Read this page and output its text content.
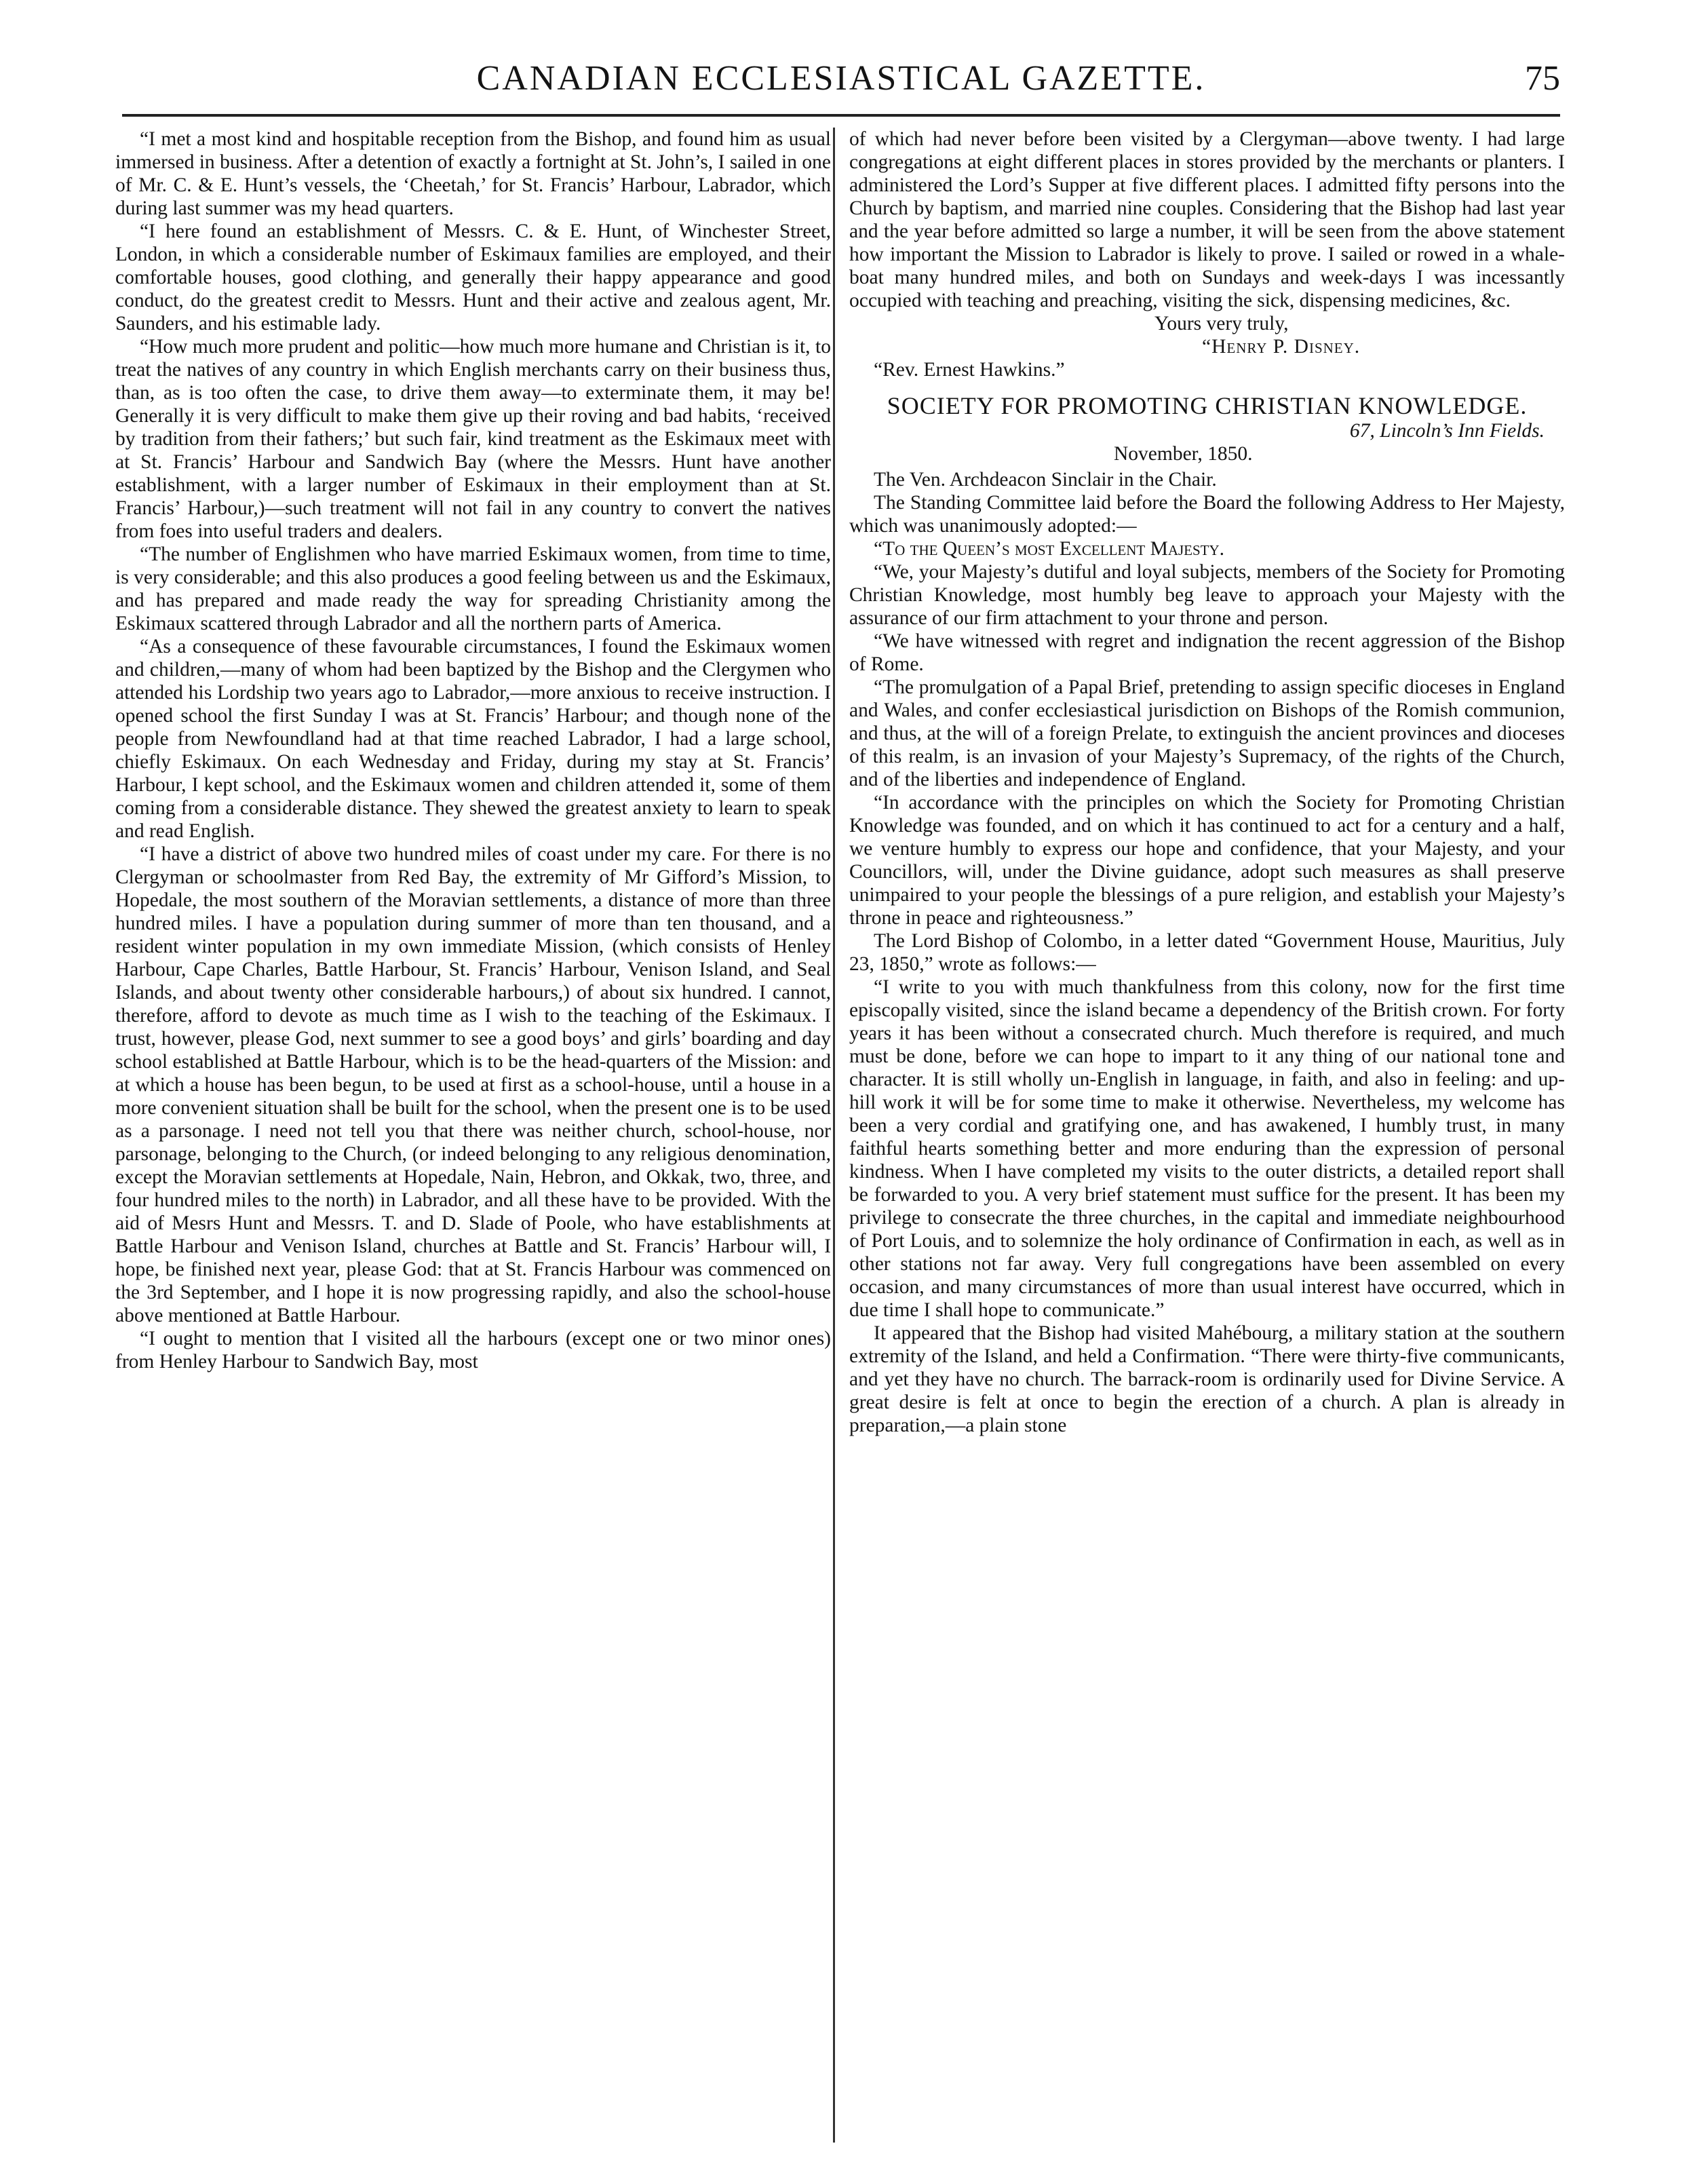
CANADIAN ECCLESIASTICAL GAZETTE.	75

“I met a most kind and hospitable reception from the Bishop, and found him as usual immersed in business. After a detention of exactly a fortnight at St. John’s, I sailed in one of Mr. C. & E. Hunt’s vessels, the ‘Cheetah,’ for St. Francis’ Harbour, Labrador, which during last summer was my head quarters.

“I here found an establishment of Messrs. C. & E. Hunt, of Winchester Street, London, in which a considerable number of Eskimaux families are employed, and their comfortable houses, good clothing, and generally their happy appearance and good conduct, do the greatest credit to Messrs. Hunt and their active and zealous agent, Mr. Saunders, and his estimable lady.

“How much more prudent and politic—how much more humane and Christian is it, to treat the natives of any country in which English merchants carry on their business thus, than, as is too often the case, to drive them away—to exterminate them, it may be! Generally it is very difficult to make them give up their roving and bad habits, ‘received by tradition from their fathers;’ but such fair, kind treatment as the Eskimaux meet with at St. Francis’ Harbour and Sandwich Bay (where the Messrs. Hunt have another establishment, with a larger number of Eskimaux in their employment than at St. Francis’ Harbour,)—such treatment will not fail in any country to convert the natives from foes into useful traders and dealers.

“The number of Englishmen who have married Eskimaux women, from time to time, is very considerable; and this also produces a good feeling between us and the Eskimaux, and has prepared and made ready the way for spreading Christianity among the Eskimaux scattered through Labrador and all the northern parts of America.

“As a consequence of these favourable circumstances, I found the Eskimaux women and children,—many of whom had been baptized by the Bishop and the Clergymen who attended his Lordship two years ago to Labrador,—more anxious to receive instruction. I opened school the first Sunday I was at St. Francis’ Harbour; and though none of the people from Newfoundland had at that time reached Labrador, I had a large school, chiefly Eskimaux. On each Wednesday and Friday, during my stay at St. Francis’ Harbour, I kept school, and the Eskimaux women and children attended it, some of them coming from a considerable distance. They shewed the greatest anxiety to learn to speak and read English.

“I have a district of above two hundred miles of coast under my care. For there is no Clergyman or schoolmaster from Red Bay, the extremity of Mr Gifford’s Mission, to Hopedale, the most southern of the Moravian settlements, a distance of more than three hundred miles. I have a population during summer of more than ten thousand, and a resident winter population in my own immediate Mission, (which consists of Henley Harbour, Cape Charles, Battle Harbour, St. Francis’ Harbour, Venison Island, and Seal Islands, and about twenty other considerable harbours,) of about six hundred. I cannot, therefore, afford to devote as much time as I wish to the teaching of the Eskimaux. I trust, however, please God, next summer to see a good boys’ and girls’ boarding and day school established at Battle Harbour, which is to be the head-quarters of the Mission: and at which a house has been begun, to be used at first as a school-house, until a house in a more convenient situation shall be built for the school, when the present one is to be used as a parsonage. I need not tell you that there was neither church, school-house, nor parsonage, belonging to the Church, (or indeed belonging to any religious denomination, except the Moravian settlements at Hopedale, Nain, Hebron, and Okkak, two, three, and four hundred miles to the north) in Labrador, and all these have to be provided. With the aid of Mesrs Hunt and Messrs. T. and D. Slade of Poole, who have establishments at Battle Harbour and Venison Island, churches at Battle and St. Francis’ Harbour will, I hope, be finished next year, please God: that at St. Francis Harbour was commenced on the 3rd September, and I hope it is now progressing rapidly, and also the school-house above mentioned at Battle Harbour.

“I ought to mention that I visited all the harbours (except one or two minor ones) from Henley Harbour to Sandwich Bay, most

of which had never before been visited by a Clergyman—above twenty. I had large congregations at eight different places in stores provided by the merchants or planters. I administered the Lord’s Supper at five different places. I admitted fifty persons into the Church by baptism, and married nine couples. Considering that the Bishop had last year and the year before admitted so large a number, it will be seen from the above statement how important the Mission to Labrador is likely to prove. I sailed or rowed in a whale-boat many hundred miles, and both on Sundays and week-days I was incessantly occupied with teaching and preaching, visiting the sick, dispensing medicines, &c.

Yours very truly,

“Henry P. Disney.

“Rev. Ernest Hawkins.”

SOCIETY FOR PROMOTING CHRISTIAN KNOWLEDGE.

67, Lincoln’s Inn Fields.

November, 1850.

The Ven. Archdeacon Sinclair in the Chair.

The Standing Committee laid before the Board the following Address to Her Majesty, which was unanimously adopted:—

“To the Queen’s most Excellent Majesty.

“We, your Majesty’s dutiful and loyal subjects, members of the Society for Promoting Christian Knowledge, most humbly beg leave to approach your Majesty with the assurance of our firm attachment to your throne and person.

“We have witnessed with regret and indignation the recent aggression of the Bishop of Rome.

“The promulgation of a Papal Brief, pretending to assign specific dioceses in England and Wales, and confer ecclesiastical jurisdiction on Bishops of the Romish communion, and thus, at the will of a foreign Prelate, to extinguish the ancient provinces and dioceses of this realm, is an invasion of your Majesty’s Supremacy, of the rights of the Church, and of the liberties and independence of England.

“In accordance with the principles on which the Society for Promoting Christian Knowledge was founded, and on which it has continued to act for a century and a half, we venture humbly to express our hope and confidence, that your Majesty, and your Councillors, will, under the Divine guidance, adopt such measures as shall preserve unimpaired to your people the blessings of a pure religion, and establish your Majesty’s throne in peace and righteousness.”

The Lord Bishop of Colombo, in a letter dated “Government House, Mauritius, July 23, 1850,” wrote as follows:—

“I write to you with much thankfulness from this colony, now for the first time episcopally visited, since the island became a dependency of the British crown. For forty years it has been without a consecrated church. Much therefore is required, and much must be done, before we can hope to impart to it any thing of our national tone and character. It is still wholly un-English in language, in faith, and also in feeling: and up-hill work it will be for some time to make it otherwise. Nevertheless, my welcome has been a very cordial and gratifying one, and has awakened, I humbly trust, in many faithful hearts something better and more enduring than the expression of personal kindness. When I have completed my visits to the outer districts, a detailed report shall be forwarded to you. A very brief statement must suffice for the present. It has been my privilege to consecrate the three churches, in the capital and immediate neighbourhood of Port Louis, and to solemnize the holy ordinance of Confirmation in each, as well as in other stations not far away. Very full congregations have been assembled on every occasion, and many circumstances of more than usual interest have occurred, which in due time I shall hope to communicate.”

It appeared that the Bishop had visited Mahébourg, a military station at the southern extremity of the Island, and held a Confirmation. “There were thirty-five communicants, and yet they have no church. The barrack-room is ordinarily used for Divine Service. A great desire is felt at once to begin the erection of a church. A plan is already in preparation,—a plain stone
